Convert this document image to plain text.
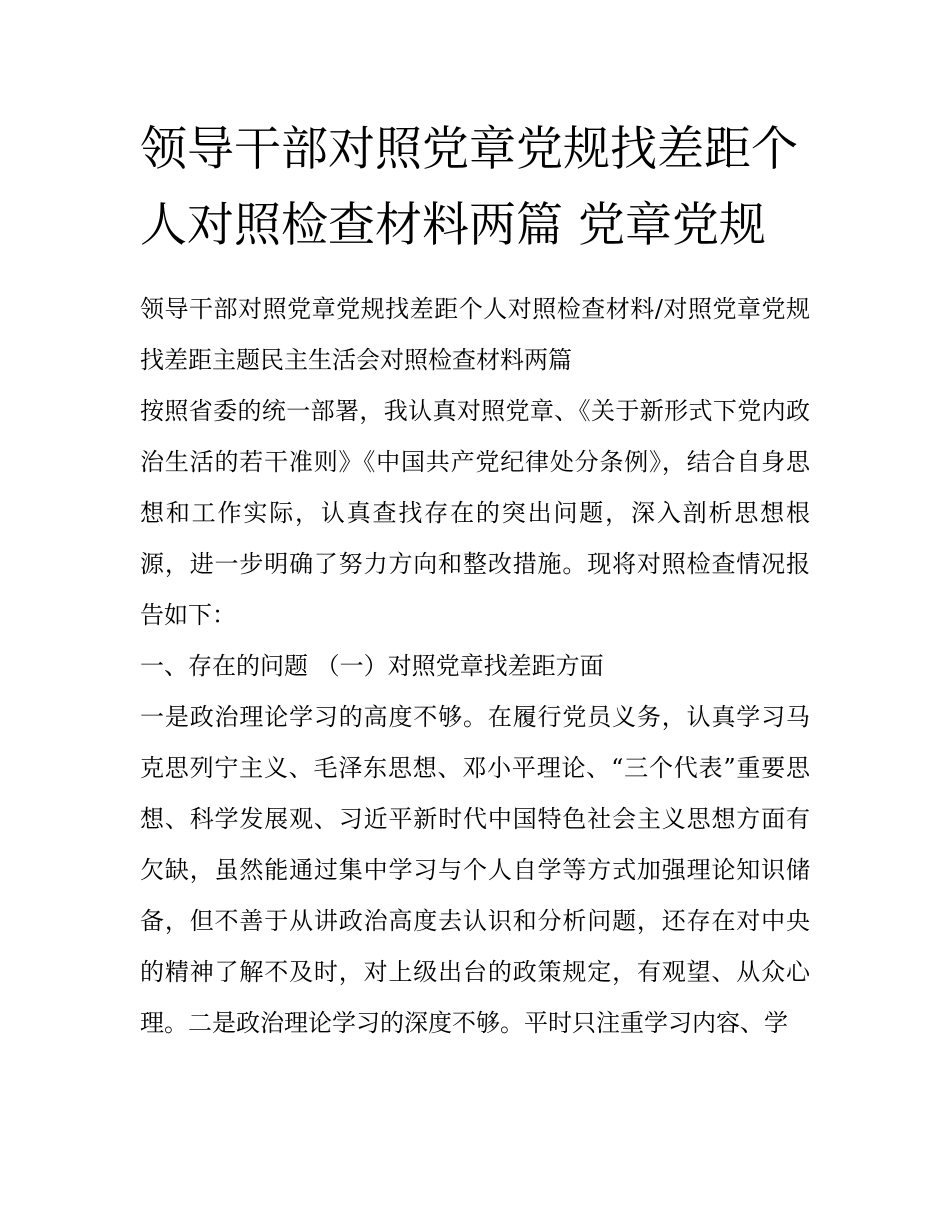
领导干部对照党章党规找差距个人对照检查材料两篇 党章党规

领导干部对照党章党规找差距个人对照检查材料/对照党章党规找差距主题民主生活会对照检查材料两篇

按照省委的统一部署，我认真对照党章、《关于新形式下党内政治生活的若干准则》《中国共产党纪律处分条例》，结合自身思想和工作实际，认真查找存在的突出问题，深入剖析思想根源，进一步明确了努力方向和整改措施。现将对照检查情况报告如下：

一、存在的问题 （一）对照党章找差距方面

一是政治理论学习的高度不够。在履行党员义务，认真学习马克思列宁主义、毛泽东思想、邓小平理论、“三个代表”重要思想、科学发展观、习近平新时代中国特色社会主义思想方面有欠缺，虽然能通过集中学习与个人自学等方式加强理论知识储备，但不善于从讲政治高度去认识和分析问题，还存在对中央的精神了解不及时，对上级出台的政策规定，有观望、从众心理。二是政治理论学习的深度不够。平时只注重学习内容、学
